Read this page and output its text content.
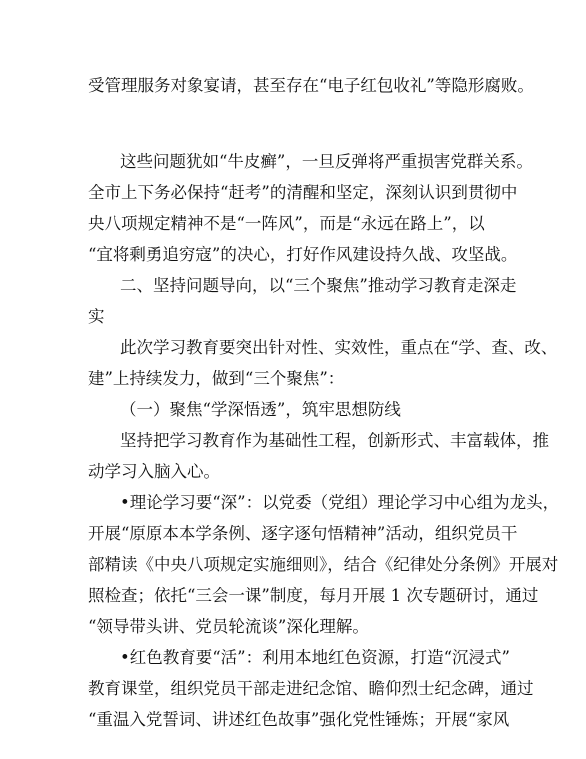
受管理服务对象宴请，甚至存在“电子红包收礼”等隐形腐败。
这些问题犹如“牛皮癣”，一旦反弹将严重损害党群关系。
全市上下务必保持“赶考”的清醒和坚定，深刻认识到贯彻中
央八项规定精神不是“一阵风”，而是“永远在路上”，以
“宜将剩勇追穷寇”的决心，打好作风建设持久战、攻坚战。
二、坚持问题导向，以“三个聚焦”推动学习教育走深走
实
此次学习教育要突出针对性、实效性，重点在“学、查、改、
建”上持续发力，做到“三个聚焦”：
（一）聚焦“学深悟透”，筑牢思想防线
坚持把学习教育作为基础性工程，创新形式、丰富载体，推
动学习入脑入心。
•理论学习要“深”：以党委（党组）理论学习中心组为龙头，
开展“原原本本学条例、逐字逐句悟精神”活动，组织党员干
部精读《中央八项规定实施细则》，结合《纪律处分条例》开展对
照检查；依托“三会一课”制度，每月开展 1 次专题研讨，通过
“领导带头讲、党员轮流谈”深化理解。
•红色教育要“活”：利用本地红色资源，打造“沉浸式”
教育课堂，组织党员干部走进纪念馆、瞻仰烈士纪念碑，通过
“重温入党誓词、讲述红色故事”强化党性锤炼；开展“家风
